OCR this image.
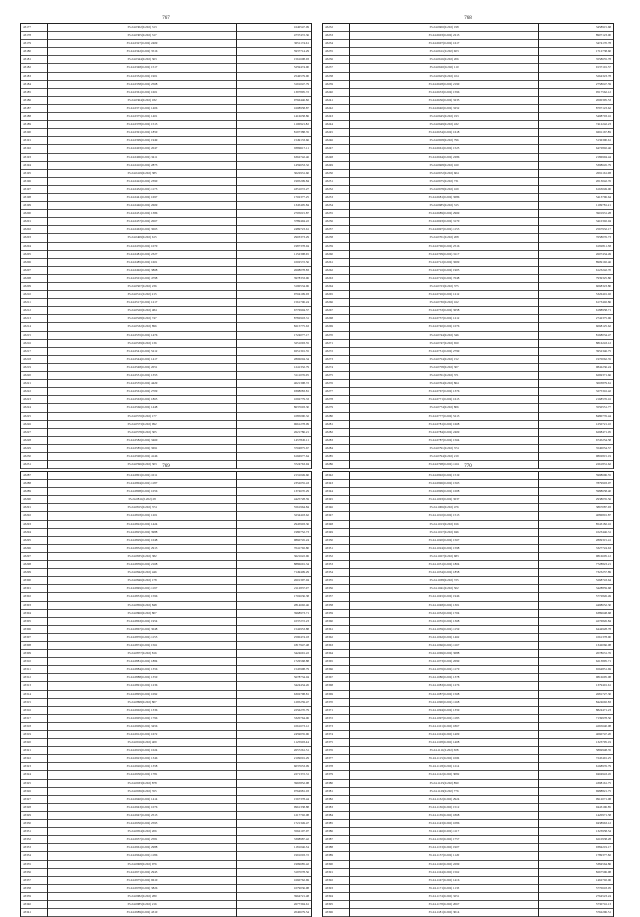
767
43177	35.24.0302(0.202) 313	1640547.09
43178	35.24.0305(0.202) 317	4737472.36
43179	35.24.0327(0.202) 2409	3051174.61
43180	35.24.0342(0.202) 3516	5937714.29
43181	35.24.0344(0.202) 363	1561608.93
43182	35.24.0348(0.202) 1517	5259474.90
43183	35.24.0352(0.202) 1901	2546579.90
43184	35.24.0358(0.202) 2568	3191047.79
43185	35.24.0361(0.202) 1601	1397895.72
43186	35.24.0364(0.202) 182	9766446.82
43187	35.24.0371(0.202) 1406	1608958.87
43188	35.24.0375(0.202) 1401	1416658.86
43189	35.24.0378(0.202) 1513	1100921.82
43190	35.24.0391(0.202) 1850	8197388.35
43191	35.24.0399(0.202) 1949	1549133.66
43192	35.24.0403(0.202) 2047	9389617.11
43193	35.24.0406(0.202) 3411	6362742.46
43194	35.24.0410(0.202) 2873	1459653.32
43195	35.24.0419(0.202) 385	3022931.60
43196	35.24.0422(0.202) 2390	1995209.84
43197	35.24.0432(0.202) 1173	4351072.27
43198	35.24.0441(0.202) 1697	1702377.25
43199	35.24.0446(0.202) 2609	1345405.84
43200	35.24.0451(0.202) 1386	2705015.87
43201	35.24.0457(0.202) 2067	3789494.22
43202	35.24.0463(0.202) 3063	2489723.61
43203	35.24.0469(0.202) 615	2903373.29
43204	35.24.0476(0.202) 1070	1987378.94
43205	35.24.0481(0.202) 2327	1152398.65
43206	35.24.0485(0.202) 1601	1002572.56
43207	35.24.0492(0.202) 3868	2608078.83
43208	35.24.0501(0.202) 4798	3978333.96
43209	35.24.0507(0.202) 236	3190534.96
43210	35.24.0511(0.202) 215	9704109.93
43211	35.24.0517(0.202) 1217	1561706.24
43212	35.24.0520(0.202) 484	6776904.57
43213	35.24.0528(0.202) 747	8782918.31
43214	35.24.0532(0.202) 896	8215775.63
43215	35.24.0535(0.202) 1476	1724077.17
43216	35.24.0539(0.202) 136	3251093.55
43217	35.24.0541(0.202) 5212	9251301.55
43218	35.24.0544(0.202) 1417	2806004.34
43219	35.24.0548(0.202) 2051	1241332.79
43220	35.24.0551(0.202) 1353	5111076.05
43221	35.24.0555(0.202) 4429	4021398.72
43222	35.24.0561(0.202) 2709	9398083.81
43223	35.24.0563(0.202) 1865	1092779.33
43224	35.24.0566(0.202) 1448	8637603.30
43225	35.24.0570(0.202) 177	1085090.32
43226	35.24.0573(0.202) 992	9661278.09
43227	35.24.0578(0.202) 305	2621786.21
43228	35.24.0582(0.202) 3460	1457845.11
43229	35.24.0585(0.202) 3691	3704875.67
43230	35.24.0590(0.202) 4146	6166977.64
43231	35.24.0596(0.202) 303	3724763.94
768
43232	35.24.0600(0.202) 198	3458915.68
43233	35.24.0603(0.202) 2213	8907123.00
43234	35.24.0607(0.202) 1617	3474170.78
43235	35.24.0611(0.202) 603	1712738.60
43236	35.24.0616(0.202) 206	3558655.78
43237	35.24.0620(0.202) 110	9137101.57
43238	35.24.0625(0.202) 104	5264323.78
43239	35.24.0628(0.202) 2190	2758047.59
43240	35.24.0633(0.202) 1596	9517562.12
43241	35.24.0636(0.202) 3235	2000395.53
43242	35.24.0640(0.202) 3252	8797123.62
43243	35.24.0645(0.202) 193	5498703.16
43244	35.24.0649(0.202) 432	7412242.23
43245	35.24.0654(0.202) 1618	6691167.89
43246	35.24.0658(0.202) 796	5136390.61
43247	35.24.0661(0.202) 1525	6472802.46
43248	35.24.0664(0.202) 2286	2186994.44
43249	35.24.0668(0.202) 160	5398645.79
43250	35.24.0672(0.202) 604	2091161.08
43251	35.24.0675(0.202) 731	2013042.76
43252	35.24.0678(0.202) 169	6163049.00
43253	35.24.0681(0.202) 3086	5413796.64
43254	35.24.0685(0.202) 315	1199781.21
43255	35.24.0689(0.202) 2969	3901931.28
43256	35.24.0693(0.202) 3170	3410302.04
43257	35.24.0697(0.202) 1153	2567932.17
43258	35.24.0701(0.202) 208	7658076.73
43259	35.24.0706(0.202) 2516	6182811.38
43260	35.24.0709(0.202) 3117	2607434.49
43261	35.24.0712(0.202) 3009	8909192.46
43262	35.24.0716(0.202) 1905	6123242.70
43263	35.24.0719(0.202) 7048	7939325.80
43264	35.24.0723(0.202) 375	6068323.80
43265	35.24.0726(0.202) 1212	5326401.02
43266	35.24.0730(0.202) 162	6173402.86
43267	35.24.0733(0.202) 3058	6188958.71
43268	35.24.0737(0.202) 1212	2742375.96
43269	35.24.0740(0.202) 1076	6068125.62
43270	35.24.0744(0.202) 346	8168034.47
43271	35.24.0747(0.202) 650	8816243.12
43272	35.24.0751(0.202) 2799	3952346.75
43273	35.24.0754(0.202) 152	1970062.35
43274	35.24.0758(0.202) 307	9842236.24
43275	35.24.0761(0.202) 371	6269371.66
43276	35.24.0764(0.202) 864	3003879.61
43277	35.24.0767(0.202) 1376	3275316.42
43278	35.24.0771(0.202) 1615	2168576.16
43279	35.24.0774(0.202) 806	3550551.77
43280	35.24.0777(0.202) 5213	8480776.44
43281	35.24.0781(0.202) 1668	1250721.10
43282	35.24.0784(0.202) 2409	6298471.05
43283	35.24.0787(0.202) 1564	6745254.58
43284	35.24.0791(0.202) 374	3540054.57
43285	35.24.0794(0.202) 219	9802815.19
43286	35.24.0798(0.202) 1161	2261831.62
769
43287	35.24.0801(0.202) 1011	2131049.60
43288	35.24.0804(0.202) 1187	2352055.43
43289	35.24.0808(0.202) 1056	1374670.29
43290	35.24.0811(0.202) 28	4425728.59
43291	35.24.0815(0.202) 374	5561964.84
43292	35.24.0818(0.202) 1201	3234418.62
43293	35.24.0822(0.202) 1424	2945903.36
43294	35.24.0825(0.202) 3988	1980752.73
43295	35.24.0829(0.202) 1048	9860745.24
43296	35.24.0832(0.202) 2913	7041792.80
43297	35.24.0835(0.202) 382	3621622.96
43298	35.24.0839(0.202) 2168	8886691.34
43299	35.24.0842(0.202) 446	7149409.29
43300	35.24.0846(0.202) 178	2601397.04
43301	35.24.0849(0.202) 1197	2112837.07
43302	35.24.0853(0.202) 1596	1702636.38
43303	35.24.0856(0.202) 848	2814692.46
43304	35.24.0860(0.202) 807	3968973.71
43305	35.24.0863(0.202) 1954	1037272.23
43306	35.24.0867(0.202) 3048	1542953.88
43307	35.24.0870(0.202) 1155	2590474.18
43308	35.24.0874(0.202) 1561	1817947.48
43309	35.24.0877(0.202) 816	3424691.22
43310	35.24.0881(0.202) 1884	1726568.88
43311	35.24.0884(0.202) 1356	1545998.79
43312	35.24.0888(0.202) 1350	5678734.04
43313	35.24.0891(0.202) 1236	3424434.26
43314	35.24.0895(0.202) 1092	6302798.81
43315	35.24.0898(0.202) 807	1295259.47
43316	35.24.0902(0.202) 1336	2256270.79
43317	35.24.0905(0.202) 1796	3320764.06
43318	35.24.0909(0.202) 3456	1061673.12
43319	35.24.0912(0.202) 1672	2459035.96
43320	35.24.0916(0.202) 409	1125903.44
43321	35.24.0919(0.202) 1024	2657261.51
43322	35.24.0923(0.202) 1346	2109001.29
43323	35.24.0926(0.202) 1358	6037653.09
43324	35.24.0930(0.202) 1781	2271372.31
43325	35.24.0933(0.202) 878	3965852.98
43326	35.24.0936(0.202) 355	9764981.03
43327	35.24.0940(0.202) 1414	1567378.44
43328	35.24.0943(0.202) 1076	9961338.88
43329	35.24.0947(0.202) 2513	1217702.08
43330	35.24.0950(0.202) 2595	1721349.47
43331	35.24.0954(0.202) 206	3562107.97
43332	35.24.0957(0.202) 2581	3398987.42
43333	35.24.0961(0.202) 2988	1181046.34
43334	35.24.0964(0.202) 1186	1991003.72
43335	35.24.0968(0.202) 976	1999685.42
43336	35.24.0971(0.202) 2945	3197078.56
43337	35.24.0975(0.202) 9610	1660762.69
43338	35.24.0978(0.202) 3826	1079036.98
43339	35.24.0982(0.202) 280	3964721.48
43340	35.24.0985(0.202) 216	2677394.61
43341	35.24.0989(0.202) 4310	2040679.54
770
43342	35.24.0992(0.202) 1519	5998696.55
43343	35.24.0996(0.202) 1563	7879903.07
43344	35.24.0999(0.202) 1008	5988658.40
43345	35.24.1003(0.202) 3037	2938035.56
43346	35.24.1006(0.202) 476	3867087.93
43347	35.24.1010(0.202) 1513	4086801.87
43348	35.24.1013(0.202) 916	8543182.16
43349	35.24.1017(0.202) 946	1023446.31
43350	35.24.1020(0.202) 1567	2809315.41
43351	35.24.1024(0.202) 1598	3327724.63
43352	35.24.1027(0.202) 683	9816605.12
43353	35.24.1031(0.202) 1804	7728823.21
43354	35.24.1034(0.202) 1858	7323257.89
43355	35.24.1038(0.202) 725	5268743.64
43356	35.24.1041(0.202) 502	3428859.68
43357	35.24.1045(0.202) 1946	5772826.49
43358	35.24.1048(0.202) 1301	4498652.30
43359	35.24.1052(0.202) 1704	6389648.68
43360	35.24.1055(0.202) 1368	4276826.84
43361	35.24.1059(0.202) 1159	6444928.78
43362	35.24.1062(0.202) 1462	1061378.90
43363	35.24.1066(0.202) 1167	1342066.08
43364	35.24.1069(0.202) 3088	2078631.76
43365	35.24.1073(0.202) 2099	6213895.71
43366	35.24.1076(0.202) 1170	6564851.69
43367	35.24.1080(0.202) 1378	9816695.08
43368	35.24.1083(0.202) 1276	1379401.61
43369	35.24.1087(0.202) 1568	2681727.30
43370	35.24.1090(0.202) 1168	8424692.83
43371	35.24.1094(0.202) 1359	8824471.23
43372	35.24.1097(0.202) 1183	7139978.50
43373	35.24.1101(0.202) 1867	4265640.08
43374	35.24.1104(0.202) 1409	4060747.20
43375	35.24.1108(0.202) 1408	1323795.19
43376	35.24.1111(0.202) 308	5869948.35
43377	35.24.1115(0.202) 1006	7245491.25
43378	35.24.1118(0.202) 1214	6168976.79
43379	35.24.1122(0.202) 3082	9404943.45
43380	35.24.1125(0.202) 890	4398161.75
43381	35.24.1129(0.202) 776	6988821.75
43382	35.24.1132(0.202) 2924	9912071.08
43383	35.24.1136(0.202) 1512	9443196.85
43384	35.24.1139(0.202) 1868	1420971.58
43385	35.24.1143(0.202) 1086	9438963.12
43386	35.24.1146(0.202) 1117	1323958.54
43387	35.24.1150(0.202) 1757	6210938.28
43388	35.24.1153(0.202) 1907	9384219.17
43389	35.24.1157(0.202) 1120	1789377.82
43390	35.24.1160(0.202) 2299	5384564.86
43391	35.24.1164(0.202) 1562	8267596.98
43392	35.24.1167(0.202) 1416	1462702.06
43393	35.24.1171(0.202) 1133	5770618.05
43394	35.24.1174(0.202) 3251	2764523.24
43395	35.24.1178(0.202) 2067	5730716.13
43396	35.24.1181(0.202) 3014	5762296.51
